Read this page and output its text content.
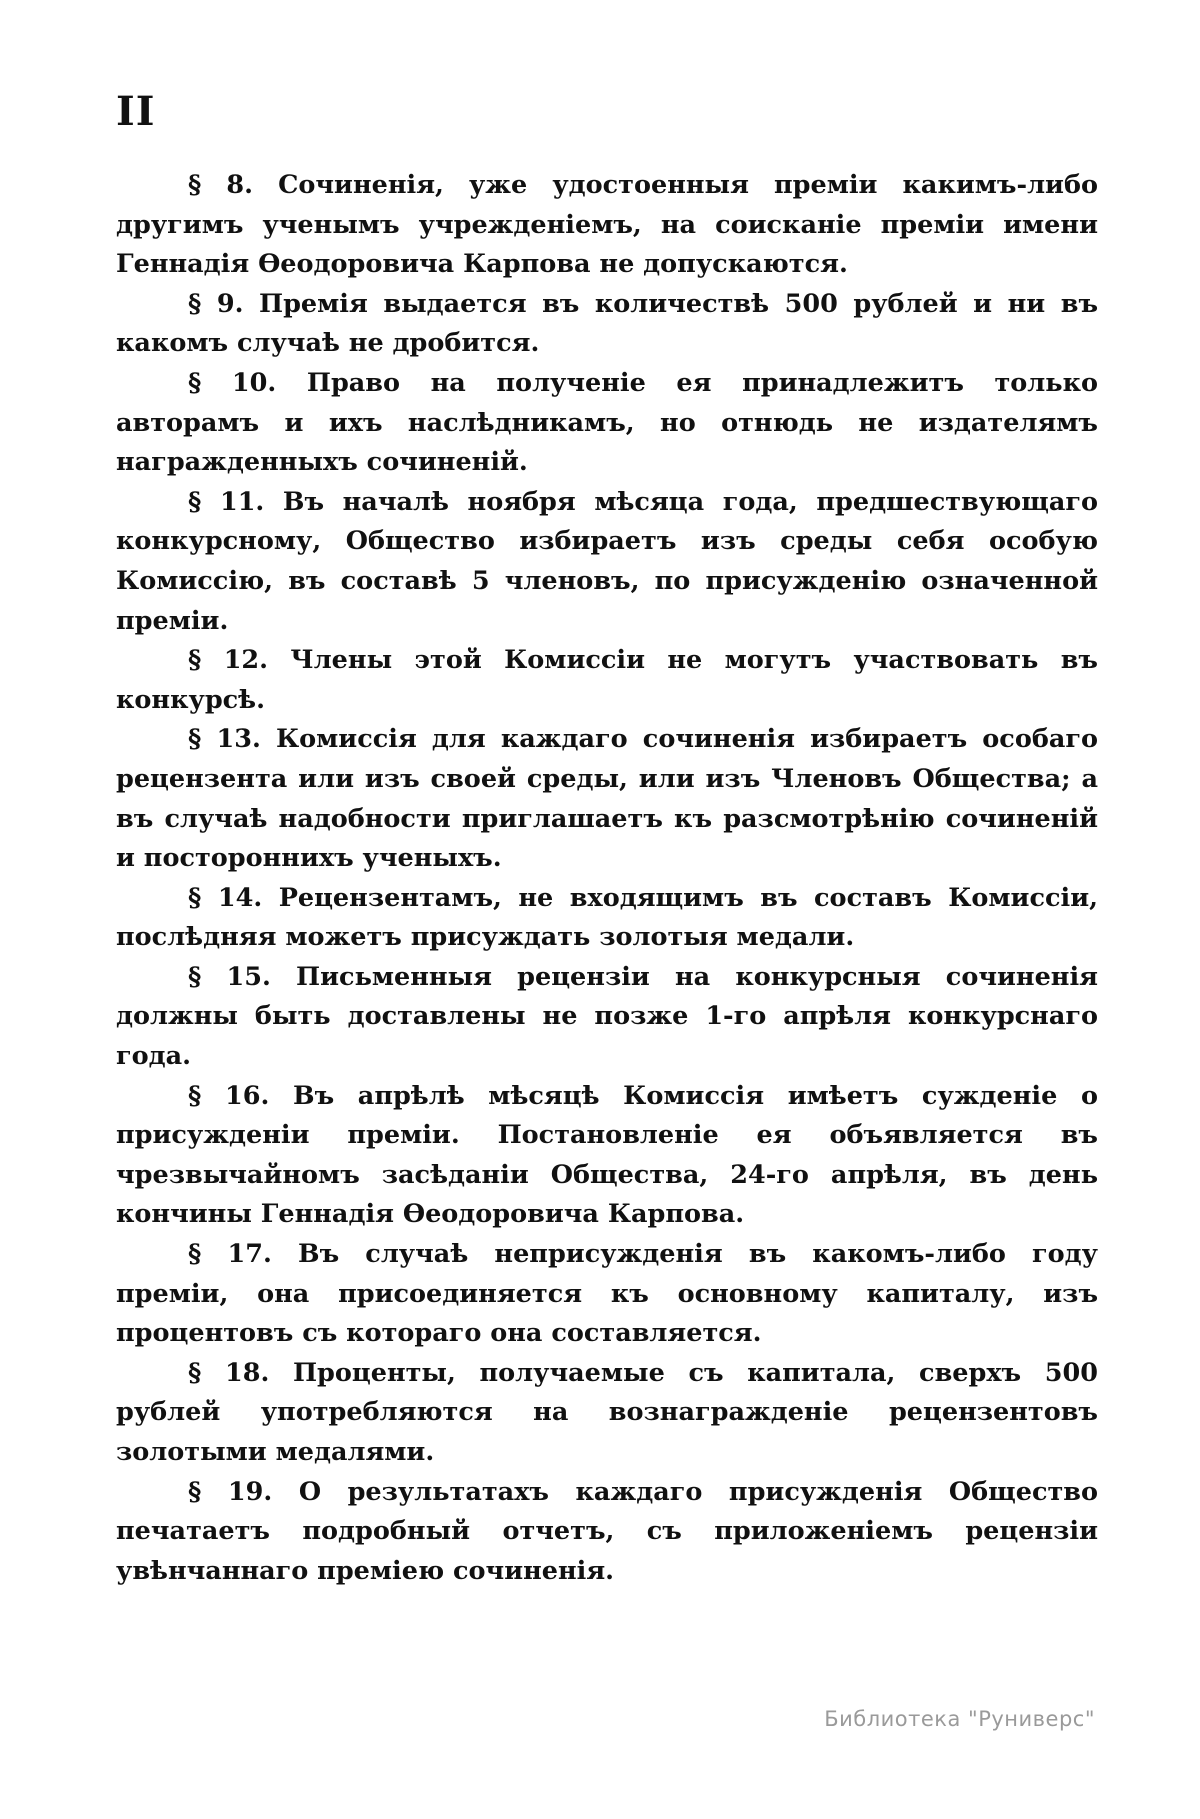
II

§ 8. Сочиненія, уже удостоенныя преміи какимъ-либо другимъ ученымъ учрежденіемъ, на соисканіе преміи имени Геннадія Өеодоровича Карпова не допускаются.

§ 9. Премія выдается въ количествѣ 500 рублей и ни въ какомъ случаѣ не дробится.

§ 10. Право на полученіе ея принадлежитъ только авторамъ и ихъ наслѣдникамъ, но отнюдь не издателямъ награжденныхъ сочиненій.

§ 11. Въ началѣ ноября мѣсяца года, предшествующаго конкурсному, Общество избираетъ изъ среды себя особую Комиссію, въ составѣ 5 членовъ, по присужденію означенной преміи.

§ 12. Члены этой Комиссіи не могутъ участвовать въ конкурсѣ.

§ 13. Комиссія для каждаго сочиненія избираетъ особаго рецензента или изъ своей среды, или изъ Членовъ Общества; а въ случаѣ надобности приглашаетъ къ разсмотрѣнію сочиненій и постороннихъ ученыхъ.

§ 14. Рецензентамъ, не входящимъ въ составъ Комиссіи, послѣдняя можетъ присуждать золотыя медали.

§ 15. Письменныя рецензіи на конкурсныя сочиненія должны быть доставлены не позже 1-го апрѣля конкурснаго года.

§ 16. Въ апрѣлѣ мѣсяцѣ Комиссія имѣетъ сужденіе о присужденіи преміи. Постановленіе ея объявляется въ чрезвычайномъ засѣданіи Общества, 24-го апрѣля, въ день кончины Геннадія Өеодоровича Карпова.

§ 17. Въ случаѣ неприсужденія въ какомъ-либо году преміи, она присоединяется къ основному капиталу, изъ процентовъ съ котораго она составляется.

§ 18. Проценты, получаемые съ капитала, сверхъ 500 рублей употребляются на вознагражденіе рецензентовъ золотыми медалями.

§ 19. О результатахъ каждаго присужденія Общество печатаетъ подробный отчетъ, съ приложеніемъ рецензіи увѣнчаннаго преміею сочиненія.

Библиотека "Руниверс"
